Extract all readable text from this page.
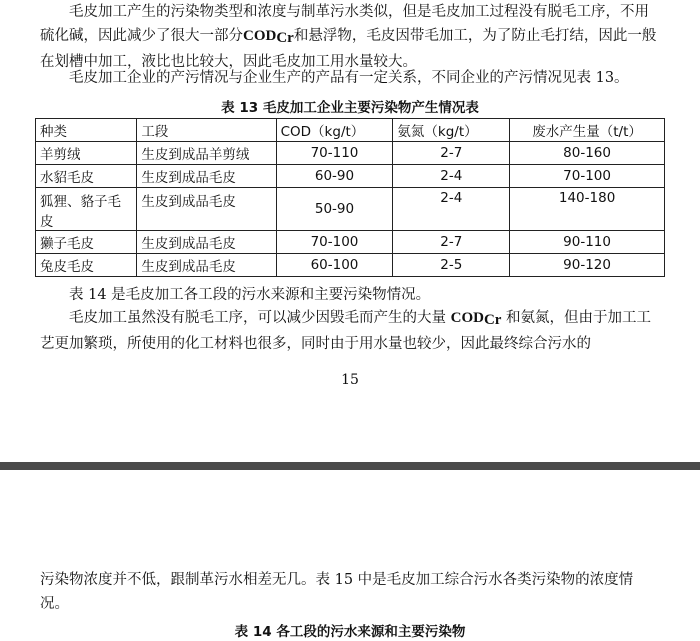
毛皮加工产生的污染物类型和浓度与制革污水类似，但是毛皮加工过程没有脱毛工序，不用硫化碱，因此减少了很大一部分CODCr和悬浮物，毛皮因带毛加工，为了防止毛打结，因此一般在划槽中加工，液比也比较大，因此毛皮加工用水量较大。

毛皮加工企业的产污情况与企业生产的产品有一定关系，不同企业的产污情况见表 13。

表 13 毛皮加工企业主要污染物产生情况表

种类	工段	COD（kg/t）	氨氮（kg/t）	废水产生量（t/t）
羊剪绒	生皮到成品羊剪绒	70-110	2-7	80-160
水貂毛皮	生皮到成品毛皮	60-90	2-4	70-100
狐狸、貉子毛皮	生皮到成品毛皮	50-90	2-4	140-180
獭子毛皮	生皮到成品毛皮	70-100	2-7	90-110
兔皮毛皮	生皮到成品毛皮	60-100	2-5	90-120

表 14 是毛皮加工各工段的污水来源和主要污染物情况。

毛皮加工虽然没有脱毛工序，可以减少因毁毛而产生的大量 CODCr 和氨氮，但由于加工工艺更加繁琐，所使用的化工材料也很多，同时由于用水量也较少，因此最终综合污水的

15

污染物浓度并不低，跟制革污水相差无几。表 15 中是毛皮加工综合污水各类污染物的浓度情况。

表 14 各工段的污水来源和主要污染物
